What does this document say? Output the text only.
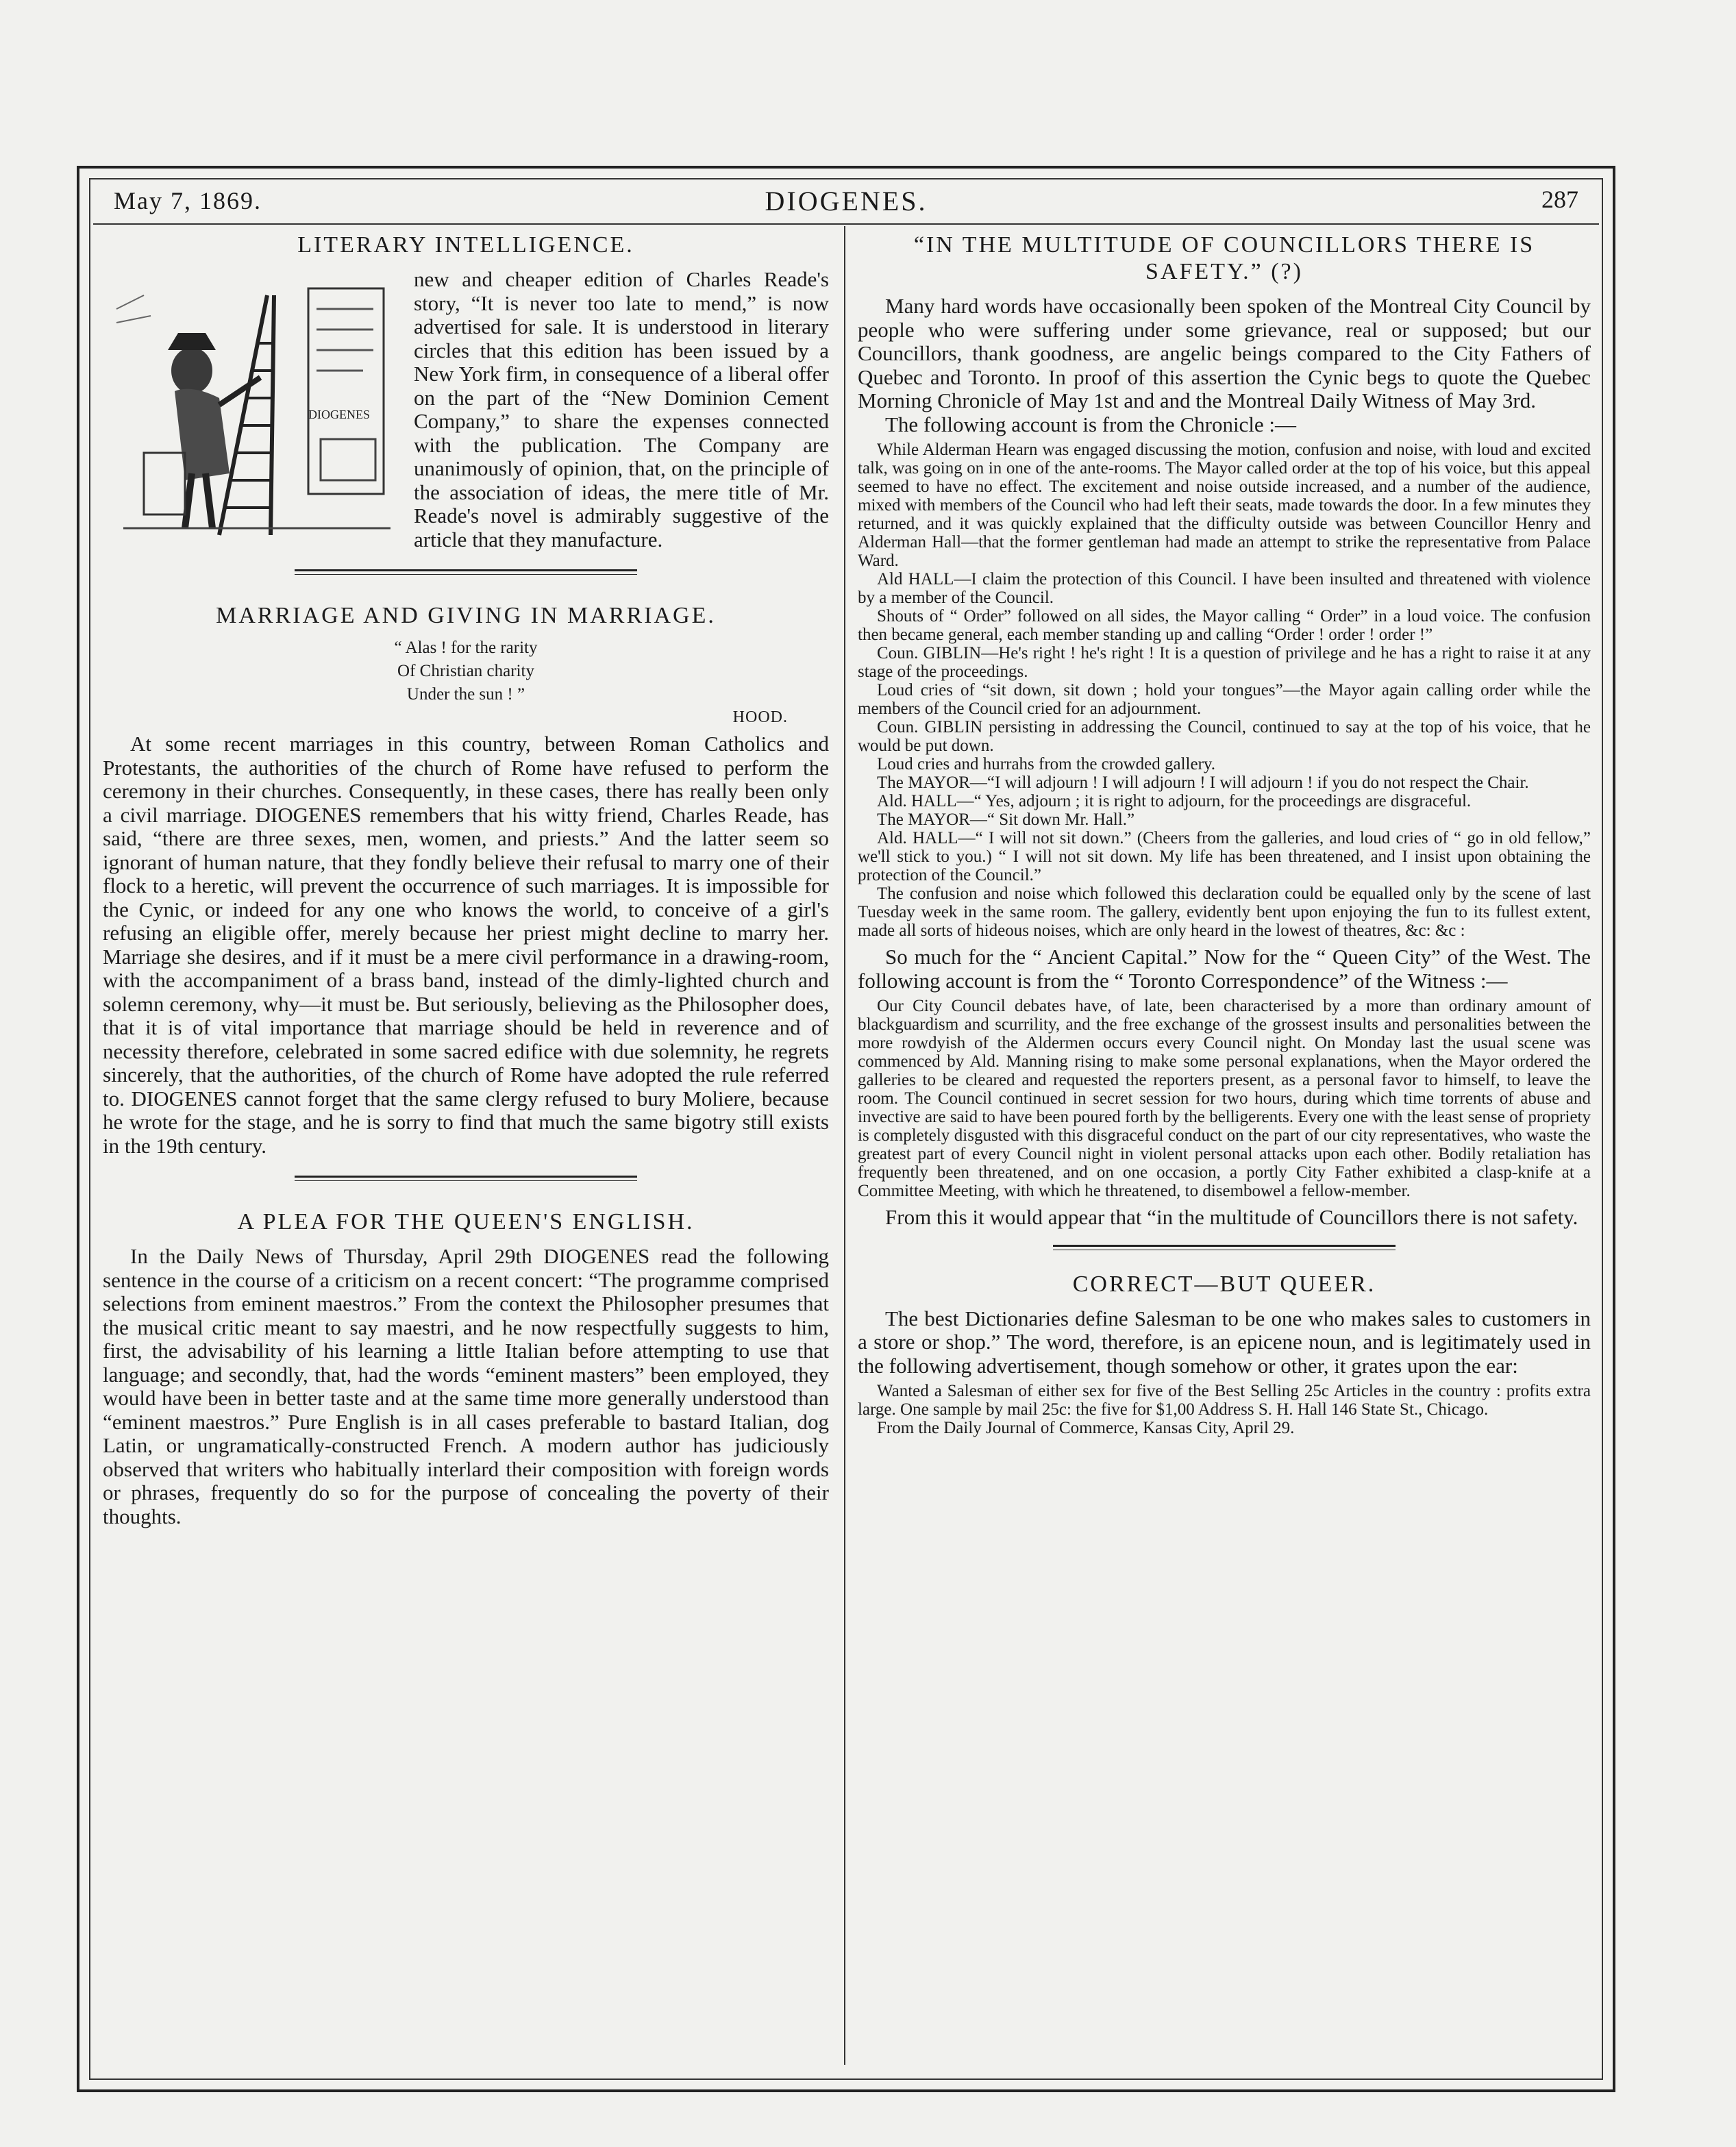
May 7, 1869.	DIOGENES.	287
LITERARY INTELLIGENCE.
DIOGENES

new and cheaper edition of Charles Reade's story, “It is never too late to mend,” is now advertised for sale. It is understood in literary circles that this edition has been issued by a New York firm, in consequence of a liberal offer on the part of the “New Dominion Cement Company,” to share the expenses connected with the publication. The Company are unanimously of opinion, that, on the principle of the association of ideas, the mere title of Mr. Reade's novel is admirably suggestive of the article that they manufacture.

MARRIAGE AND GIVING IN MARRIAGE.
“ Alas ! for the rarity
Of Christian charity
Under the sun ! ”
HOOD.

At some recent marriages in this country, between Roman Catholics and Protestants, the authorities of the church of Rome have refused to perform the ceremony in their churches. Consequently, in these cases, there has really been only a civil marriage. DIOGENES remembers that his witty friend, Charles Reade, has said, “there are three sexes, men, women, and priests.” And the latter seem so ignorant of human nature, that they fondly believe their refusal to marry one of their flock to a heretic, will prevent the occurrence of such marriages. It is impossible for the Cynic, or indeed for any one who knows the world, to conceive of a girl's refusing an eligible offer, merely because her priest might decline to marry her. Marriage she desires, and if it must be a mere civil performance in a drawing-room, with the accompaniment of a brass band, instead of the dimly-lighted church and solemn ceremony, why—it must be. But seriously, believing as the Philosopher does, that it is of vital importance that marriage should be held in reverence and of necessity therefore, celebrated in some sacred edifice with due solemnity, he regrets sincerely, that the authorities, of the church of Rome have adopted the rule referred to. DIOGENES cannot forget that the same clergy refused to bury Moliere, because he wrote for the stage, and he is sorry to find that much the same bigotry still exists in the 19th century.

A PLEA FOR THE QUEEN'S ENGLISH.

In the Daily News of Thursday, April 29th DIOGENES read the following sentence in the course of a criticism on a recent concert: “The programme comprised selections from eminent maestros.” From the context the Philosopher presumes that the musical critic meant to say maestri, and he now respectfully suggests to him, first, the advisability of his learning a little Italian before attempting to use that language; and secondly, that, had the words “eminent masters” been employed, they would have been in better taste and at the same time more generally understood than “eminent maestros.” Pure English is in all cases preferable to bastard Italian, dog Latin, or ungramatically-constructed French. A modern author has judiciously observed that writers who habitually interlard their composition with foreign words or phrases, frequently do so for the purpose of concealing the poverty of their thoughts.

“IN THE MULTITUDE OF COUNCILLORS THERE IS SAFETY.” (?)

Many hard words have occasionally been spoken of the Montreal City Council by people who were suffering under some grievance, real or supposed; but our Councillors, thank goodness, are angelic beings compared to the City Fathers of Quebec and Toronto. In proof of this assertion the Cynic begs to quote the Quebec Morning Chronicle of May 1st and and the Montreal Daily Witness of May 3rd.

The following account is from the Chronicle :—

While Alderman Hearn was engaged discussing the motion, confusion and noise, with loud and excited talk, was going on in one of the ante-rooms. The Mayor called order at the top of his voice, but this appeal seemed to have no effect. The excitement and noise outside increased, and a number of the audience, mixed with members of the Council who had left their seats, made towards the door. In a few minutes they returned, and it was quickly explained that the difficulty outside was between Councillor Henry and Alderman Hall—that the former gentleman had made an attempt to strike the representative from Palace Ward.

Ald HALL—I claim the protection of this Council. I have been insulted and threatened with violence by a member of the Council.

Shouts of “ Order” followed on all sides, the Mayor calling “ Order” in a loud voice. The confusion then became general, each member standing up and calling “Order ! order ! order !”

Coun. GIBLIN—He's right ! he's right ! It is a question of privilege and he has a right to raise it at any stage of the proceedings.

Loud cries of “sit down, sit down ; hold your tongues”—the Mayor again calling order while the members of the Council cried for an adjournment.

Coun. GIBLIN persisting in addressing the Council, continued to say at the top of his voice, that he would be put down.

Loud cries and hurrahs from the crowded gallery.

The MAYOR—“I will adjourn ! I will adjourn ! I will adjourn ! if you do not respect the Chair.

Ald. HALL—“ Yes, adjourn ; it is right to adjourn, for the proceedings are disgraceful.

The MAYOR—“ Sit down Mr. Hall.”

Ald. HALL—“ I will not sit down.” (Cheers from the galleries, and loud cries of “ go in old fellow,” we'll stick to you.) “ I will not sit down. My life has been threatened, and I insist upon obtaining the protection of the Council.”

The confusion and noise which followed this declaration could be equalled only by the scene of last Tuesday week in the same room. The gallery, evidently bent upon enjoying the fun to its fullest extent, made all sorts of hideous noises, which are only heard in the lowest of theatres, &c: &c :

So much for the “ Ancient Capital.” Now for the “ Queen City” of the West. The following account is from the “ Toronto Correspondence” of the Witness :—

Our City Council debates have, of late, been characterised by a more than ordinary amount of blackguardism and scurrility, and the free exchange of the grossest insults and personalities between the more rowdyish of the Aldermen occurs every Council night. On Monday last the usual scene was commenced by Ald. Manning rising to make some personal explanations, when the Mayor ordered the galleries to be cleared and requested the reporters present, as a personal favor to himself, to leave the room. The Council continued in secret session for two hours, during which time torrents of abuse and invective are said to have been poured forth by the belligerents. Every one with the least sense of propriety is completely disgusted with this disgraceful conduct on the part of our city representatives, who waste the greatest part of every Council night in violent personal attacks upon each other. Bodily retaliation has frequently been threatened, and on one occasion, a portly City Father exhibited a clasp-knife at a Committee Meeting, with which he threatened, to disembowel a fellow-member.

From this it would appear that “in the multitude of Councillors there is not safety.

CORRECT—BUT QUEER.

The best Dictionaries define Salesman to be one who makes sales to customers in a store or shop.” The word, therefore, is an epicene noun, and is legitimately used in the following advertisement, though somehow or other, it grates upon the ear:

Wanted a Salesman of either sex for five of the Best Selling 25c Articles in the country : profits extra large. One sample by mail 25c: the five for $1,00 Address S. H. Hall 146 State St., Chicago.

From the Daily Journal of Commerce, Kansas City, April 29.
